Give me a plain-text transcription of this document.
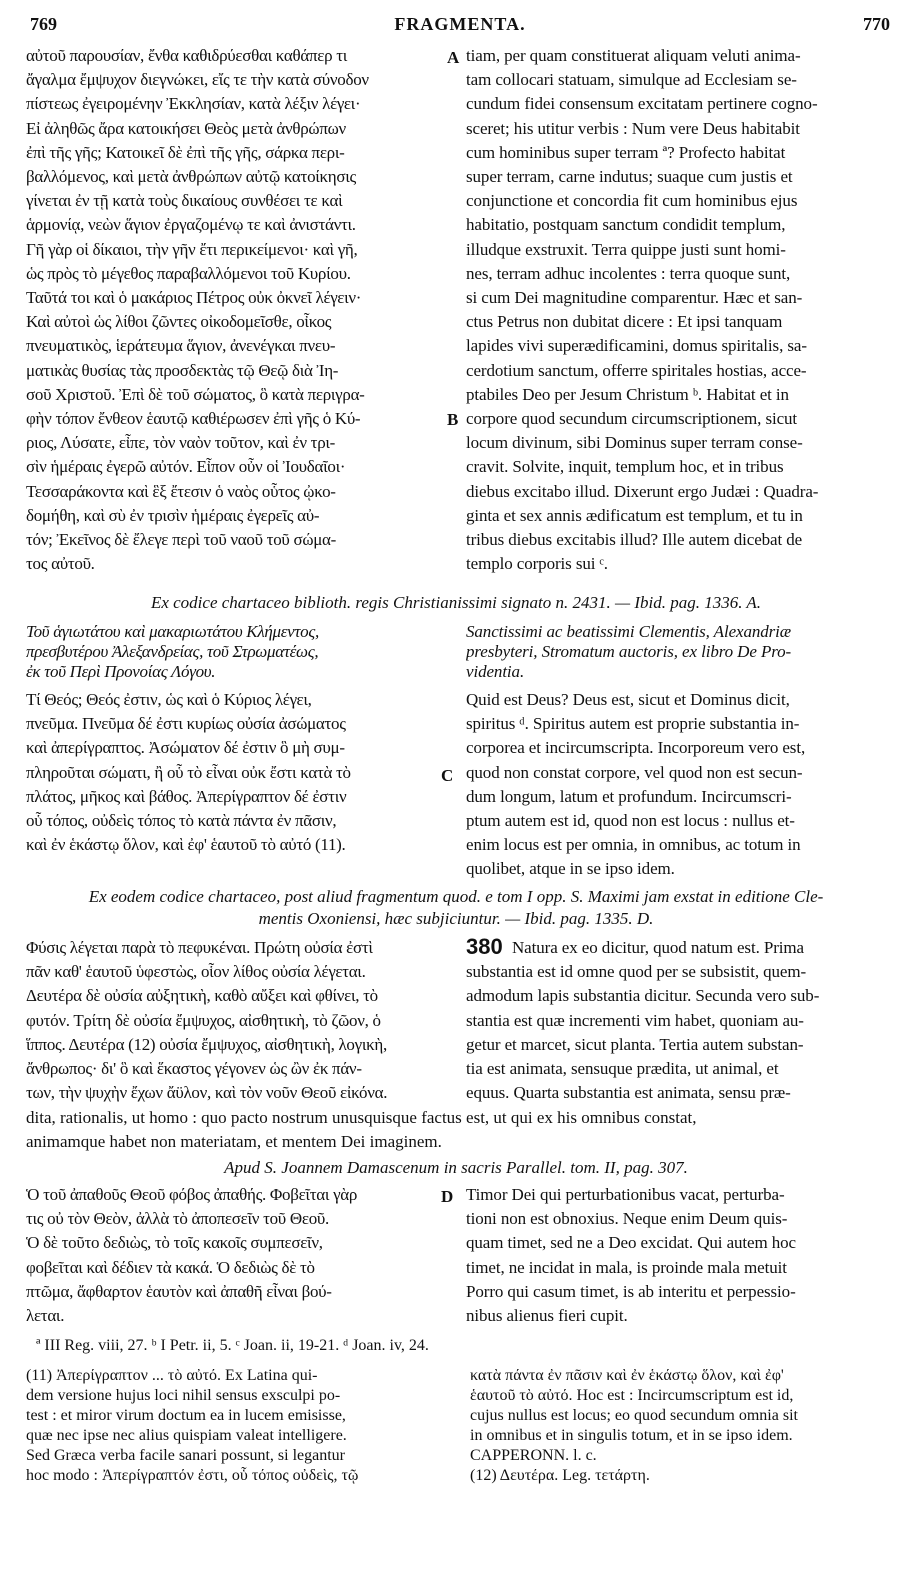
769	FRAGMENTA.	770
αὐτοῦ παρουσίαν, ἔνθα καθιδρύεσθαι καθάπερ τι
ἄγαλμα ἔμψυχον διεγνώκει, εἴς τε τὴν κατὰ σύνοδον
πίστεως ἐγειρομένην Ἐκκλησίαν, κατὰ λέξιν λέγει·
Εἰ ἀληθῶς ἄρα κατοικήσει Θεὸς μετὰ ἀνθρώπων
ἐπὶ τῆς γῆς; Κατοικεῖ δὲ ἐπὶ τῆς γῆς, σάρκα περι-
βαλλόμενος, καὶ μετὰ ἀνθρώπων αὐτῷ κατοίκησις
γίνεται ἐν τῇ κατὰ τοὺς δικαίους συνθέσει τε καὶ
ἁρμονίᾳ, νεὼν ἅγιον ἐργαζομένῳ τε καὶ ἀνιστάντι.
Γῆ γὰρ οἱ δίκαιοι, τὴν γῆν ἔτι περικείμενοι· καὶ γῆ,
ὡς πρὸς τὸ μέγεθος παραβαλλόμενοι τοῦ Κυρίου.
Ταῦτά τοι καὶ ὁ μακάριος Πέτρος οὐκ ὀκνεῖ λέγειν·
Καὶ αὐτοὶ ὡς λίθοι ζῶντες οἰκοδομεῖσθε, οἶκος
πνευματικὸς, ἱεράτευμα ἅγιον, ἀνενέγκαι πνευ-
ματικὰς θυσίας τὰς προσδεκτὰς τῷ Θεῷ διὰ Ἰη-
σοῦ Χριστοῦ. Ἐπὶ δὲ τοῦ σώματος, ὃ κατὰ περιγρα-
φὴν τόπον ἔνθεον ἑαυτῷ καθιέρωσεν ἐπὶ γῆς ὁ Κύ-
ριος, Λύσατε, εἶπε, τὸν ναὸν τοῦτον, καὶ ἐν τρι-
σὶν ἡμέραις ἐγερῶ αὐτόν. Εἶπον οὖν οἱ Ἰουδαῖοι·
Τεσσαράκοντα καὶ ἓξ ἔτεσιν ὁ ναὸς οὗτος ᾠκο-
δομήθη, καὶ σὺ ἐν τρισὶν ἡμέραις ἐγερεῖς αὐ-
τόν; Ἐκεῖνος δὲ ἔλεγε περὶ τοῦ ναοῦ τοῦ σώμα-
τος αὐτοῦ.
tiam, per quam constituerat aliquam veluti anima-
tam collocari statuam, simulque ad Ecclesiam se-
cundum fidei consensum excitatam pertinere cogno-
sceret; his utitur verbis : Num vere Deus habitabit
cum hominibus super terram ª? Profecto habitat
super terram, carne indutus; suaque cum justis et
conjunctione et concordia fit cum hominibus ejus
habitatio, postquam sanctum condidit templum,
illudque exstruxit. Terra quippe justi sunt homi-
nes, terram adhuc incolentes : terra quoque sunt,
si cum Dei magnitudine comparentur. Hæc et san-
ctus Petrus non dubitat dicere : Et ipsi tanquam
lapides vivi superædificamini, domus spiritalis, sa-
cerdotium sanctum, offerre spiritales hostias, acce-
ptabiles Deo per Jesum Christum ᵇ. Habitat et in
corpore quod secundum circumscriptionem, sicut
locum divinum, sibi Dominus super terram conse-
cravit. Solvite, inquit, templum hoc, et in tribus
diebus excitabo illud. Dixerunt ergo Judæi : Quadra-
ginta et sex annis ædificatum est templum, et tu in
tribus diebus excitabis illud? Ille autem dicebat de
templo corporis sui ᶜ.
A
B
Ex codice chartaceo biblioth. regis Christianissimi signato n. 2431. — Ibid. pag. 1336. A.
Τοῦ ἁγιωτάτου καὶ μακαριωτάτου Κλήμεντος,
πρεσβυτέρου Ἀλεξανδρείας, τοῦ Στρωματέως,
ἐκ τοῦ Περὶ Προνοίας Λόγου.
Sanctissimi ac beatissimi Clementis, Alexandriæ
presbyteri, Stromatum auctoris, ex libro De Pro-
videntia.
Τί Θεός; Θεός ἐστιν, ὡς καὶ ὁ Κύριος λέγει,
πνεῦμα. Πνεῦμα δέ ἐστι κυρίως οὐσία ἀσώματος
καὶ ἀπερίγραπτος. Ἀσώματον δέ ἐστιν ὃ μὴ συμ-
πληροῦται σώματι, ἢ οὗ τὸ εἶναι οὐκ ἔστι κατὰ τὸ
πλάτος, μῆκος καὶ βάθος. Ἀπερίγραπτον δέ ἐστιν
οὗ τόπος, οὐδεὶς τόπος τὸ κατὰ πάντα ἐν πᾶσιν,
καὶ ἐν ἑκάστῳ ὅλον, καὶ ἐφ' ἑαυτοῦ τὸ αὐτό (11).
Quid est Deus? Deus est, sicut et Dominus dicit,
spiritus ᵈ. Spiritus autem est proprie substantia in-
corporea et incircumscripta. Incorporeum vero est,
quod non constat corpore, vel quod non est secun-
dum longum, latum et profundum. Incircumscri-
ptum autem est id, quod non est locus : nullus et-
enim locus est per omnia, in omnibus, ac totum in
quolibet, atque in se ipso idem.
C
Ex eodem codice chartaceo, post aliud fragmentum quod. e tom I opp. S. Maximi jam exstat in editione Cle-
mentis Oxoniensi, hæc subjiciuntur. — Ibid. pag. 1335. D.
Φύσις λέγεται παρὰ τὸ πεφυκέναι. Πρώτη οὐσία ἐστὶ
πᾶν καθ' ἑαυτοῦ ὑφεστὼς, οἷον λίθος οὐσία λέγεται.
Δευτέρα δὲ οὐσία αὐξητικὴ, καθὸ αὔξει καὶ φθίνει, τὸ
φυτόν. Τρίτη δὲ οὐσία ἔμψυχος, αἰσθητικὴ, τὸ ζῶον, ὁ
ἵππος. Δευτέρα (12) οὐσία ἔμψυχος, αἰσθητικὴ, λογικὴ,
ἄνθρωπος· δι' ὃ καὶ ἕκαστος γέγονεν ὡς ὢν ἐκ πάν-
των, τὴν ψυχὴν ἔχων ἄϋλον, καὶ τὸν νοῦν Θεοῦ εἰκόνα.
Natura ex eo dicitur, quod natum est. Prima
substantia est id omne quod per se subsistit, quem-
admodum lapis substantia dicitur. Secunda vero sub-
stantia est quæ incrementi vim habet, quoniam au-
getur et marcet, sicut planta. Tertia autem substan-
tia est animata, sensuque prædita, ut animal, et
equus. Quarta substantia est animata, sensu præ-
380
dita, rationalis, ut homo : quo pacto nostrum unusquisque factus est, ut qui ex his omnibus constat,
animamque habet non materiatam, et mentem Dei imaginem.
Apud S. Joannem Damascenum in sacris Parallel. tom. II, pag. 307.
Ὁ τοῦ ἀπαθοῦς Θεοῦ φόβος ἀπαθής. Φοβεῖται γὰρ
τις οὐ τὸν Θεὸν, ἀλλὰ τὸ ἀποπεσεῖν τοῦ Θεοῦ.
Ὁ δὲ τοῦτο δεδιὼς, τὸ τοῖς κακοῖς συμπεσεῖν,
φοβεῖται καὶ δέδιεν τὰ κακά. Ὁ δεδιὼς δὲ τὸ
πτῶμα, ἄφθαρτον ἑαυτὸν καὶ ἀπαθῆ εἶναι βού-
λεται.
Timor Dei qui perturbationibus vacat, perturba-
tioni non est obnoxius. Neque enim Deum quis-
quam timet, sed ne a Deo excidat. Qui autem hoc
timet, ne incidat in mala, is proinde mala metuit
Porro qui casum timet, is ab interitu et perpessio-
nibus alienus fieri cupit.
D
ª III Reg. viii, 27. ᵇ I Petr. ii, 5. ᶜ Joan. ii, 19-21. ᵈ Joan. iv, 24.
(11) Ἀπερίγραπτον ... τὸ αὐτό. Ex Latina qui-
dem versione hujus loci nihil sensus exsculpi po-
test : et miror virum doctum ea in lucem emisisse,
quæ nec ipse nec alius quispiam valeat intelligere.
Sed Græca verba facile sanari possunt, si legantur
hoc modo : Ἀπερίγραπτόν ἐστι, οὗ τόπος οὐδεὶς, τῷ
κατὰ πάντα ἐν πᾶσιν καὶ ἐν ἑκάστῳ ὅλον, καὶ ἐφ'
ἑαυτοῦ τὸ αὐτό. Hoc est : Incircumscriptum est id,
cujus nullus est locus; eo quod secundum omnia sit
in omnibus et in singulis totum, et in se ipso idem.
CAPPERONN. l. c.
(12) Δευτέρα. Leg. τετάρτη.
